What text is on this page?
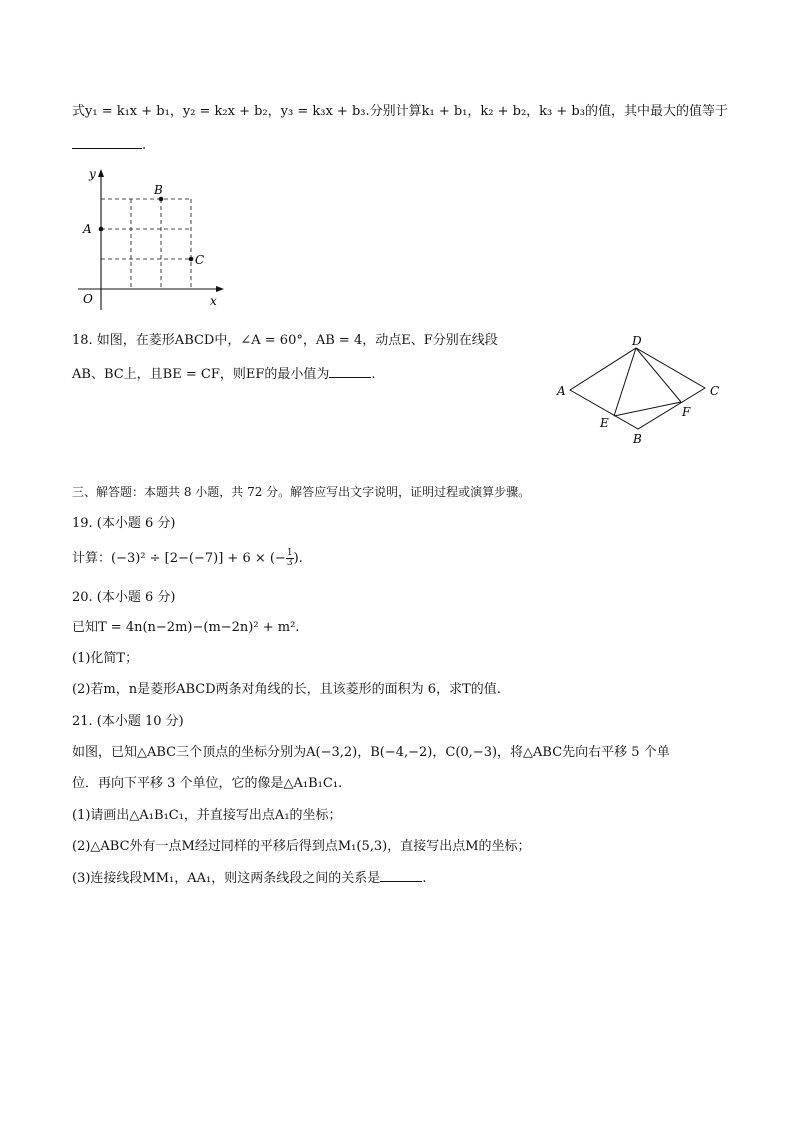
式y₁ = k₁x + b₁，y₂ = k₂x + b₂，y₃ = k₃x + b₃.分别计算k₁ + b₁，k₂ + b₂，k₃ + b₃的值，其中最大的值等于
.
y
x
O
A
B
C
18. 如图，在菱形ABCD中，∠A = 60°，AB = 4，动点E、F分别在线段
AB、BC上，且BE = CF，则EF的最小值为	.
D
A	C
B
E
F
三、解答题：本题共 8 小题，共 72 分。解答应写出文字说明，证明过程或演算步骤。
19. (本小题 6 分)
计算：(−3)² ÷ [2−(−7)] + 6 × (− $\frac{1}{3}$ ).
20. (本小题 6 分)
已知T = 4n(n−2m)−(m−2n)² + m².
(1)化简T；
(2)若m，n是菱形ABCD两条对角线的长，且该菱形的面积为 6，求T的值.
21. (本小题 10 分)
如图，已知△ABC三个顶点的坐标分别为A(−3,2)，B(−4,−2)，C(0,−3)，将△ABC先向右平移 5 个单
位．再向下平移 3 个单位，它的像是△A₁B₁C₁.
(1)请画出△A₁B₁C₁，并直接写出点A₁的坐标；
(2)△ABC外有一点M经过同样的平移后得到点M₁(5,3)，直接写出点M的坐标；
(3)连接线段MM₁，AA₁，则这两条线段之间的关系是	.
